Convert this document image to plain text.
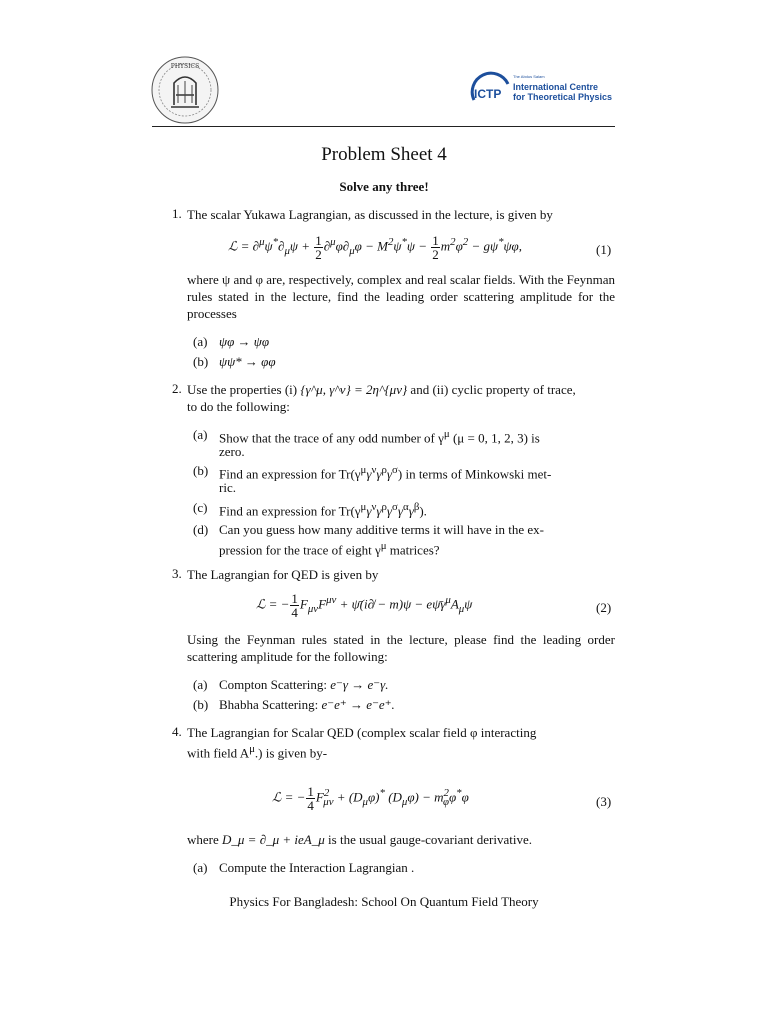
PHYSICS
ICTP
The Abdus Salam
International Centre
for Theoretical Physics
Problem Sheet 4
Solve any three!
1. The scalar Yukawa Lagrangian, as discussed in the lecture, is given by

ℒ = $\partial^\mu\psi^*\partial_\mu\psi + \frac{1}{2} \partial^\mu\varphi\partial_\mu\varphi - M^2\psi^*\psi - \frac{1}{2} m^2\varphi^2 - g\psi^*\psi\varphi$,	(1)

where ψ and φ are, respectively, complex and real scalar fields. With the Feynman rules stated in the lecture, find the leading order scattering amplitude for the processes

(a) ψφ → ψφ
(b) ψψ* → φφ
2. Use the properties (i) {γ^μ, γ^ν} = 2η^{μν} and (ii) cyclic property of trace,

to do the following:

(a) Show that the trace of any odd number of $\gamma^\mu$ (μ = 0, 1, 2, 3) is

zero.

(b) Find an expression for $Tr(\gamma^\mu\gamma^\nu\gamma^\rho\gamma^\sigma)$ in terms of Minkowski met-

ric.

(c) Find an expression for $Tr(\gamma^\mu\gamma^\nu\gamma^\rho\gamma^\sigma\gamma^\alpha\gamma^\beta)$.

(d) Can you guess how many additive terms it will have in the ex-

pression for the trace of eight $\gamma^\mu$ matrices?

3. The Lagrangian for QED is given by

ℒ = − $\frac{1}{4} F_{\mu\nu}F^{\mu\nu}$ + ψ̄(i∂̸ − $m)\psi - e\psī\gamma^\mu A_\mu\psi$	(2)

Using the Feynman rules stated in the lecture, please find the leading order scattering amplitude for the following:

(a) Compton Scattering: e⁻γ → e⁻γ.

(b) Bhabha Scattering: e⁻e⁺ → e⁻e⁺.

4. The Lagrangian for Scalar QED (complex scalar field φ interacting

with field $A^\mu$.) is given by-

ℒ = − $\frac{1}{4} F^2_{\mu\nu} + (D_\mu\varphi)^*$ $(D_\mu\varphi) - m^2_\varphi\varphi^*\varphi$	(3)

where D_μ = ∂_μ + ieA_μ is the usual gauge-covariant derivative.

(a) Compute the Interaction Lagrangian .
Physics For Bangladesh: School On Quantum Field Theory
